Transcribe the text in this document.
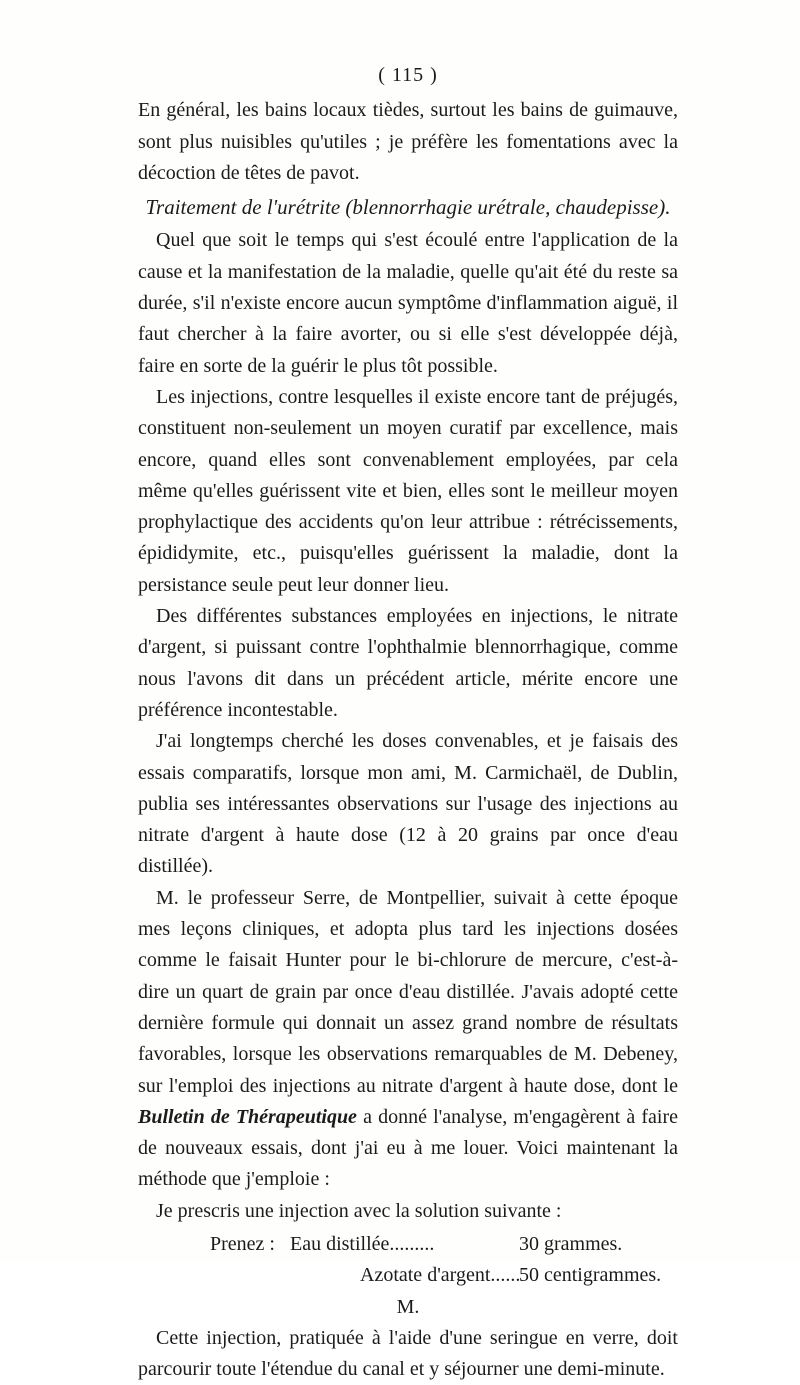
( 115 )

En général, les bains locaux tièdes, surtout les bains de guimauve, sont plus nuisibles qu'utiles ; je préfère les fomentations avec la décoction de têtes de pavot.

Traitement de l'urétrite (blennorrhagie urétrale, chaudepisse).

Quel que soit le temps qui s'est écoulé entre l'application de la cause et la manifestation de la maladie, quelle qu'ait été du reste sa durée, s'il n'existe encore aucun symptôme d'inflammation aiguë, il faut chercher à la faire avorter, ou si elle s'est développée déjà, faire en sorte de la guérir le plus tôt possible.

Les injections, contre lesquelles il existe encore tant de préjugés, constituent non-seulement un moyen curatif par excellence, mais encore, quand elles sont convenablement employées, par cela même qu'elles guérissent vite et bien, elles sont le meilleur moyen prophylactique des accidents qu'on leur attribue : rétrécissements, épididymite, etc., puisqu'elles guérissent la maladie, dont la persistance seule peut leur donner lieu.

Des différentes substances employées en injections, le nitrate d'argent, si puissant contre l'ophthalmie blennorrhagique, comme nous l'avons dit dans un précédent article, mérite encore une préférence incontestable.

J'ai longtemps cherché les doses convenables, et je faisais des essais comparatifs, lorsque mon ami, M. Carmichaël, de Dublin, publia ses intéressantes observations sur l'usage des injections au nitrate d'argent à haute dose (12 à 20 grains par once d'eau distillée).

M. le professeur Serre, de Montpellier, suivait à cette époque mes leçons cliniques, et adopta plus tard les injections dosées comme le faisait Hunter pour le bi-chlorure de mercure, c'est-à-dire un quart de grain par once d'eau distillée. J'avais adopté cette dernière formule qui donnait un assez grand nombre de résultats favorables, lorsque les observations remarquables de M. Debeney, sur l'emploi des injections au nitrate d'argent à haute dose, dont le Bulletin de Thérapeutique a donné l'analyse, m'engagèrent à faire de nouveaux essais, dont j'ai eu à me louer. Voici maintenant la méthode que j'emploie :

Je prescris une injection avec la solution suivante :

Prenez : Eau distillée.........	30 grammes.
Azotate d'argent......
50 centigrammes.
M.

Cette injection, pratiquée à l'aide d'une seringue en verre, doit parcourir toute l'étendue du canal et y séjourner une demi-minute.
